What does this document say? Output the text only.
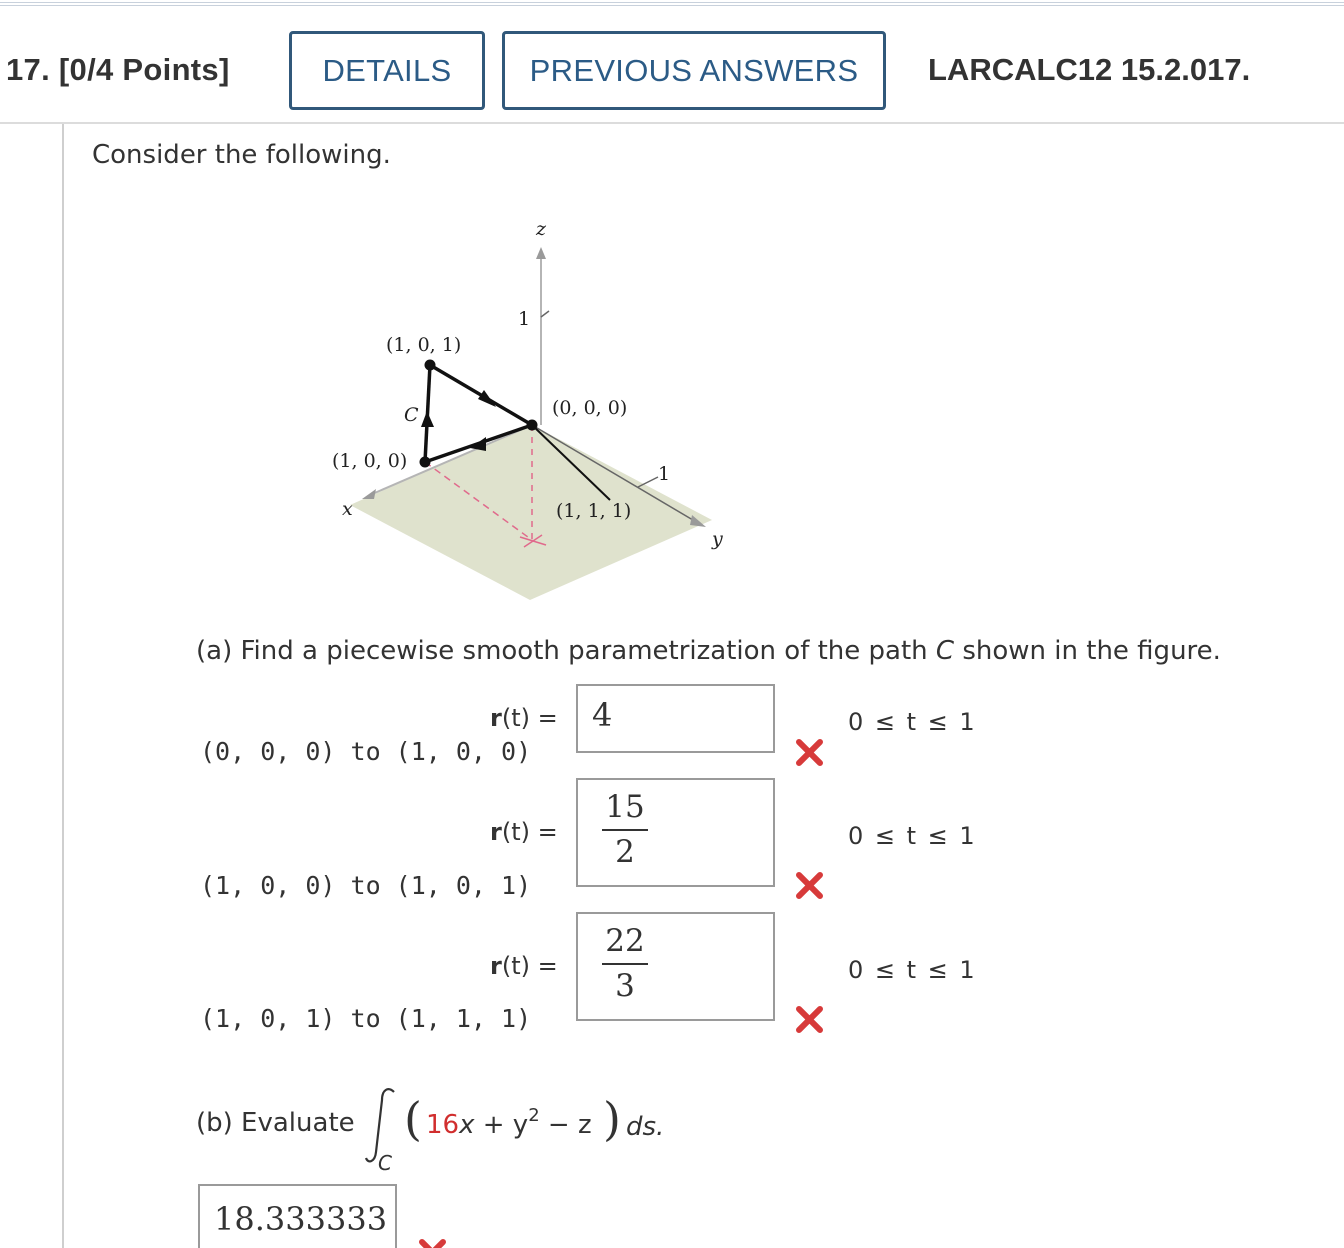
17. [0/4 Points]	DETAILS	PREVIOUS ANSWERS	LARCALC12 15.2.017.
Consider the following.
z
x
y
1
1
(1, 0, 1)
(0, 0, 0)
(1, 0, 0)
(1, 1, 1)
C
(a) Find a piecewise smooth parametrization of the path C shown in the figure.
r(t) =	4
(0, 0, 0) to (1, 0, 0)
0 ≤ t ≤ 1
r(t) =
15
2
(1, 0, 0) to (1, 0, 1)
0 ≤ t ≤ 1
r(t) =
22
3
(1, 0, 1) to (1, 1, 1)
0 ≤ t ≤ 1
(b) Evaluate
C
( $16x + y^2 - z$ ) ds.
18.333333
